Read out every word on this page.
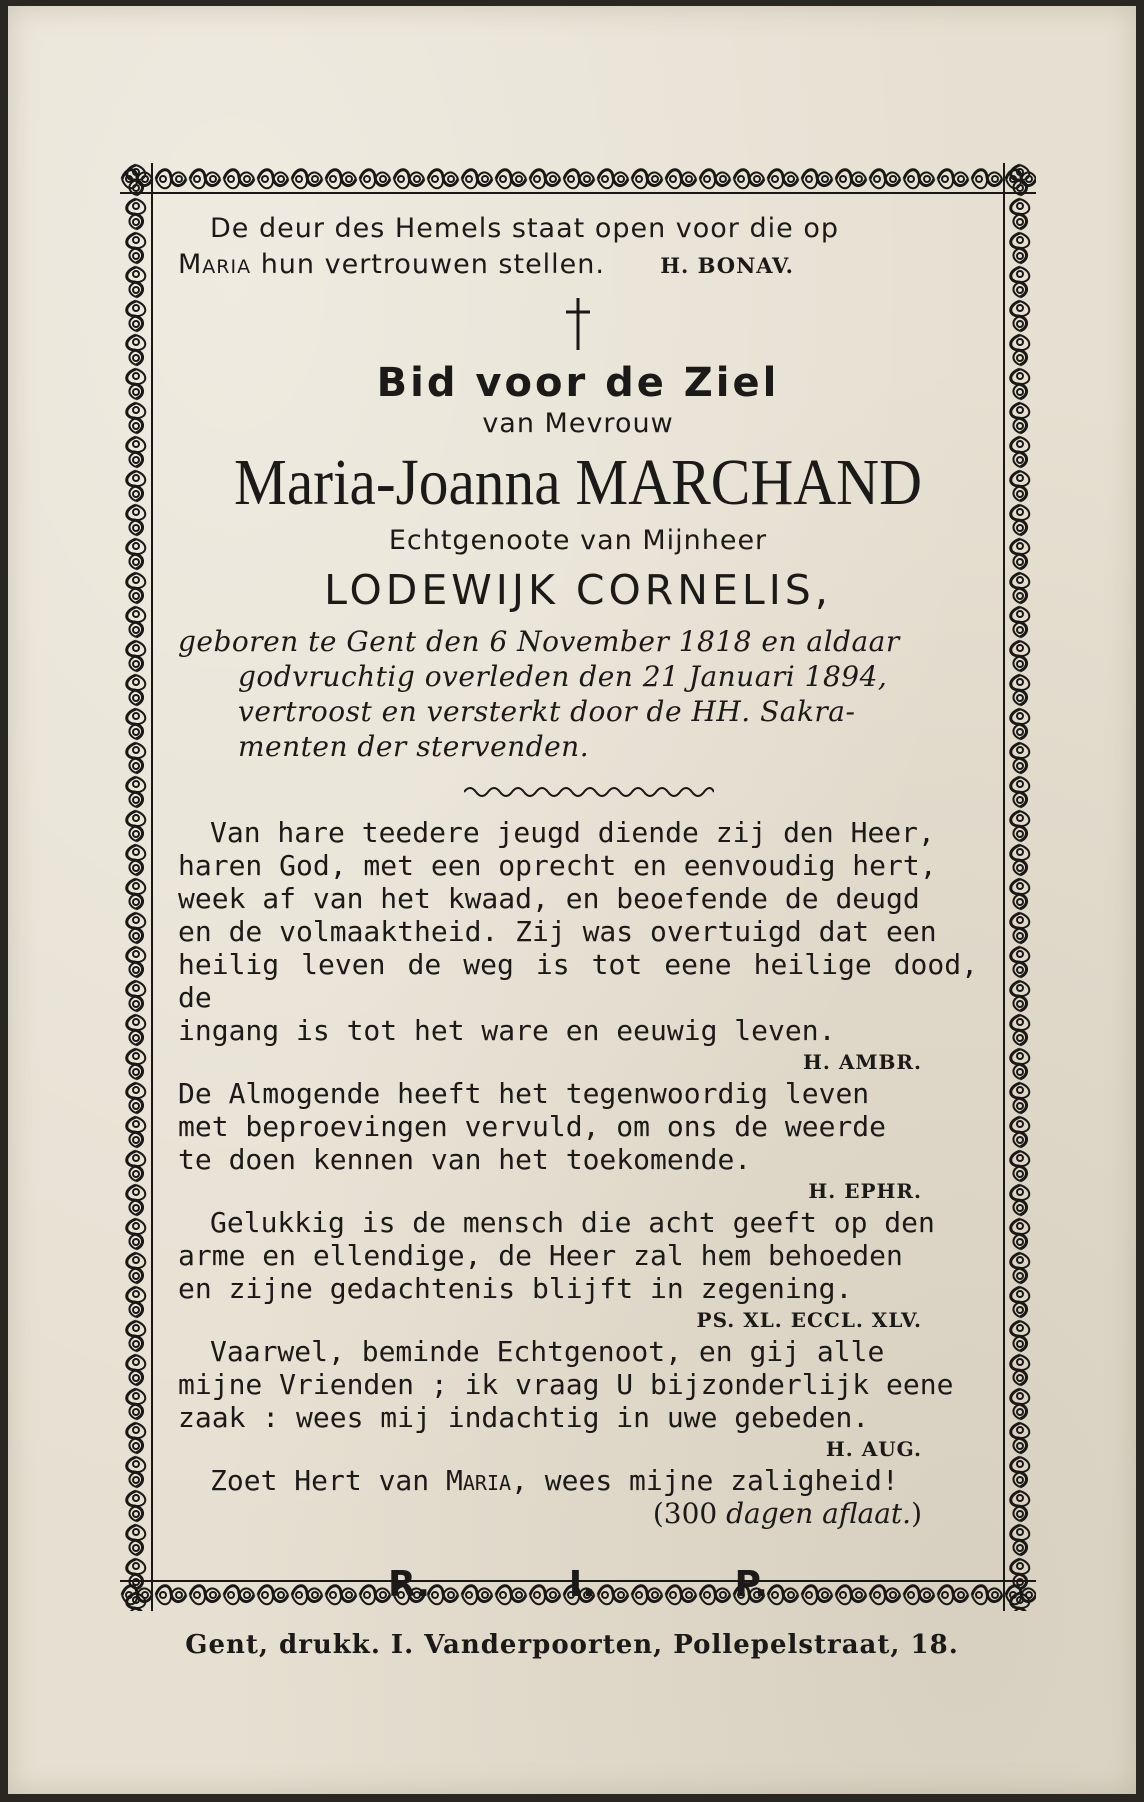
De deur des Hemels staat open voor die op
Maria hun vertrouwen stellen.	H. BONAV.
Bid voor de Ziel
van Mevrouw
Maria-Joanna MARCHAND
Echtgenoote van Mijnheer
LODEWIJK CORNELIS,
geboren te Gent den 6 November 1818 en aldaar
godvruchtig overleden den 21 Januari 1894,
vertroost en versterkt door de HH. Sakra-
menten der stervenden.
Van hare teedere jeugd diende zij den Heer,
haren God, met een oprecht en eenvoudig hert,
week af van het kwaad, en beoefende de deugd
en de volmaaktheid. Zij was overtuigd dat een
heilig leven de weg is tot eene heilige dood, de
ingang is tot het ware en eeuwig leven.
H. AMBR.
De Almogende heeft het tegenwoordig leven
met beproevingen vervuld, om ons de weerde
te doen kennen van het toekomende.
H. EPHR.
Gelukkig is de mensch die acht geeft op den
arme en ellendige, de Heer zal hem behoeden
en zijne gedachtenis blijft in zegening.
PS. XL. ECCL. XLV.
Vaarwel, beminde Echtgenoot, en gij alle
mijne Vrienden ; ik vraag U bijzonderlijk eene
zaak : wees mij indachtig in uwe gebeden.
H. AUG.
Zoet Hert van Maria, wees mijne zaligheid!
(300 dagen aflaat.)
R.	I.	P.
Gent, drukk. I. Vanderpoorten, Pollepelstraat, 18.
